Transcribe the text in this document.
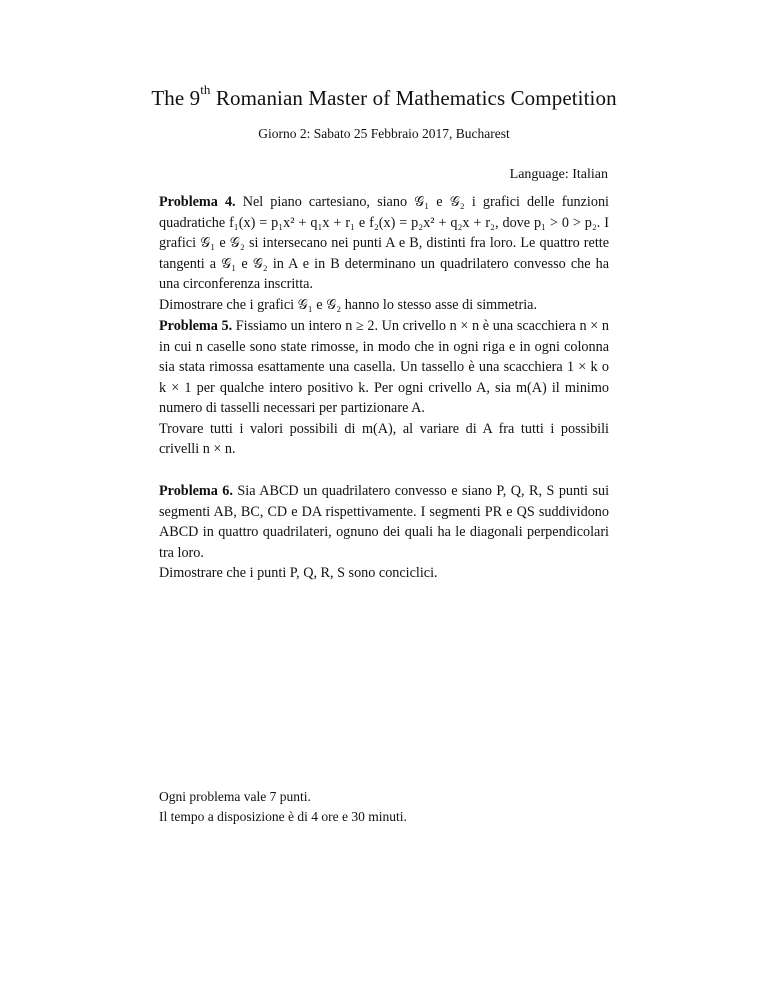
The 9th Romanian Master of Mathematics Competition
Giorno 2: Sabato 25 Febbraio 2017, Bucharest
Language: Italian

Problema 4. Nel piano cartesiano, siano 𝒢₁ e 𝒢₂ i grafici delle funzioni quadratiche f₁(x) = p₁x² + q₁x + r₁ e f₂(x) = p₂x² + q₂x + r₂, dove p₁ > 0 > p₂. I grafici 𝒢₁ e 𝒢₂ si intersecano nei punti A e B, distinti fra loro. Le quattro rette tangenti a 𝒢₁ e 𝒢₂ in A e in B determinano un quadrilatero convesso che ha una circonferenza inscritta.

Dimostrare che i grafici 𝒢₁ e 𝒢₂ hanno lo stesso asse di simmetria.

Problema 5. Fissiamo un intero n ≥ 2. Un crivello n × n è una scacchiera n × n in cui n caselle sono state rimosse, in modo che in ogni riga e in ogni colonna sia stata rimossa esattamente una casella. Un tassello è una scacchiera 1 × k o k × 1 per qualche intero positivo k. Per ogni crivello A, sia m(A) il minimo numero di tasselli necessari per partizionare A.

Trovare tutti i valori possibili di m(A), al variare di A fra tutti i possibili crivelli n × n.

Problema 6. Sia ABCD un quadrilatero convesso e siano P, Q, R, S punti sui segmenti AB, BC, CD e DA rispettivamente. I segmenti PR e QS suddividono ABCD in quattro quadrilateri, ognuno dei quali ha le diagonali perpendicolari tra loro.

Dimostrare che i punti P, Q, R, S sono conciclici.

Ogni problema vale 7 punti.
Il tempo a disposizione è di 4 ore e 30 minuti.
